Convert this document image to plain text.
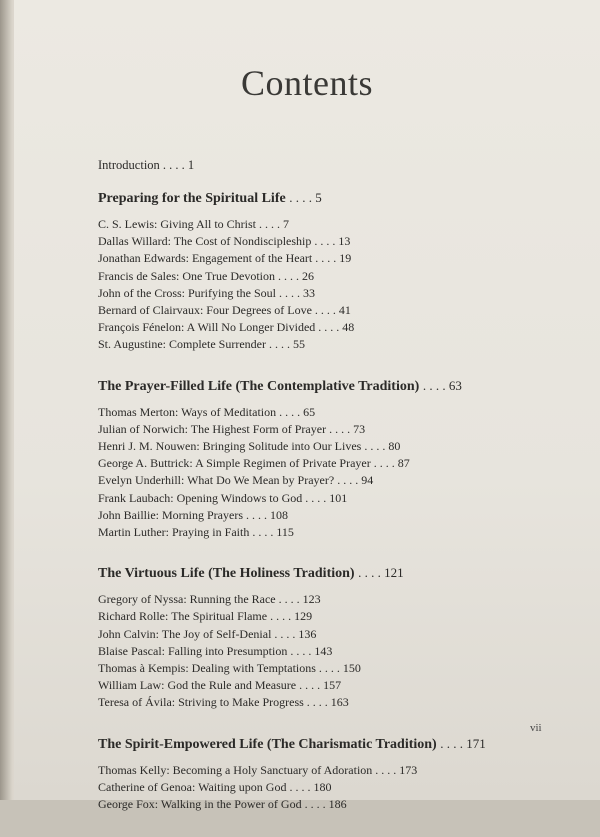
Contents
Introduction . . . . 1
Preparing for the Spiritual Life . . . . 5
C. S. Lewis: Giving All to Christ . . . . 7
Dallas Willard: The Cost of Nondiscipleship . . . . 13
Jonathan Edwards: Engagement of the Heart . . . . 19
Francis de Sales: One True Devotion . . . . 26
John of the Cross: Purifying the Soul . . . . 33
Bernard of Clairvaux: Four Degrees of Love . . . . 41
François Fénelon: A Will No Longer Divided . . . . 48
St. Augustine: Complete Surrender . . . . 55
The Prayer-Filled Life (The Contemplative Tradition) . . . . 63
Thomas Merton: Ways of Meditation . . . . 65
Julian of Norwich: The Highest Form of Prayer . . . . 73
Henri J. M. Nouwen: Bringing Solitude into Our Lives . . . . 80
George A. Buttrick: A Simple Regimen of Private Prayer . . . . 87
Evelyn Underhill: What Do We Mean by Prayer? . . . . 94
Frank Laubach: Opening Windows to God . . . . 101
John Baillie: Morning Prayers . . . . 108
Martin Luther: Praying in Faith . . . . 115
The Virtuous Life (The Holiness Tradition) . . . . 121
Gregory of Nyssa: Running the Race . . . . 123
Richard Rolle: The Spiritual Flame . . . . 129
John Calvin: The Joy of Self-Denial . . . . 136
Blaise Pascal: Falling into Presumption . . . . 143
Thomas à Kempis: Dealing with Temptations . . . . 150
William Law: God the Rule and Measure . . . . 157
Teresa of Ávila: Striving to Make Progress . . . . 163
The Spirit-Empowered Life (The Charismatic Tradition) . . . . 171
Thomas Kelly: Becoming a Holy Sanctuary of Adoration . . . . 173
Catherine of Genoa: Waiting upon God . . . . 180
George Fox: Walking in the Power of God . . . . 186
vii
